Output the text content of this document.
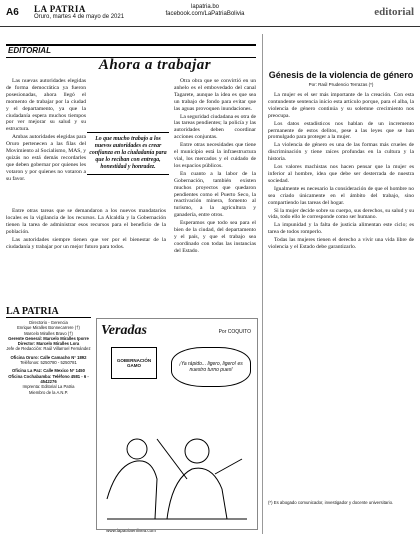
A6 LA PATRIA
Oruro, martes 4 de mayo de 2021
lapatria.bo
facebook.com/LaPatriaBolivia	editorial
EDITORIAL
Ahora a trabajar

Las nuevas autoridades elegidas de forma democrática ya fueron posesionadas, ahora llegó el momento de trabajar por la ciudad y el departamento, ya que la ciudadanía espera muchos tiempos por ver mejorar su salud y su estructura.

Ambas autoridades elegidas para Oruro pertenecen a las filas del Movimiento al Socialismo, MAS, y quizás no está demás recordarles que deben gobernar por quienes les votaron y por quienes no votaron a su favor.

Entre otras tareas que se demandaron a los nuevos mandatarios locales es la vigilancia de los recursos. La Alcaldía y la Gobernación tienen la tarea de administrar esos recursos para el beneficio de la población.

Las autoridades siempre tienen que ver por el bienestar de la ciudadanía y trabajar por un mejor futuro para todos.

Lo que mucho trabajo a los nuevos autoridades es crear confianza en la ciudadanía para que lo reciban con entrega, honestidad y honradez.

Otra obra que se convirtió en un anhelo es el embovedado del canal Tagarete, aunque la idea es que sea un trabajo de fondo para evitar que las aguas provoquen inundaciones.

La seguridad ciudadana es otra de las tareas pendientes; la policía y las autoridades deben coordinar acciones conjuntas.

Entre otras necesidades que tiene el municipio está la infraestructura vial, los mercados y el cuidado de los espacios públicos.

En cuanto a la labor de la Gobernación, también existen muchos proyectos que quedaron pendientes como el Puerto Seco, la reactivación minera, fomento al turismo, a la agricultura y ganadería, entre otros.

Esperamos que todo sea para el bien de la ciudad, del departamento y el país, y que el trabajo sea coordinado con todas las instancias del Estado.

Génesis de la violencia de género
Por: Raúl Prudencio Terrazas (*)

La mujer es el ser más importante de la creación. Con esta contundente sentencia inicio esta artículo porque, para el alba, la violencia de género continúa y su solemne crecimiento nos preocupa.

Los datos estadísticos nos hablan de un incremento permanente de estos delitos, pese a las leyes que se han promulgado para proteger a la mujer.

La violencia de género es una de las formas más crueles de discriminación y tiene raíces profundas en la cultura y la historia.

Los valores machistas nos hacen pensar que la mujer es inferior al hombre, idea que debe ser desterrada de nuestra sociedad.

Igualmente es necesario la consideración de que el hombre no sea criado únicamente en el ámbito del trabajo, sino compartiendo las tareas del hogar.

Si la mujer decide sobre su cuerpo, sus derechos, su salud y su vida, todo ello le corresponde como ser humano.

La impunidad y la falta de justicia alimentan este ciclo; es tarea de todos romperlo.

Todas las mujeres tienen el derecho a vivir una vida libre de violencia y el Estado debe garantizarlo.

(*) Es abogado comunicador, investigador y docente universitario.
LA PATRIA
Directorio - Gerencia
Enrique Miralles Bonnecarrere (†)
Marcelo Miralles Bravo (†)
Gerente General: Marcelo Miralles Iporre
Director: Marcelo Miralles Lora
Jefe de Redacción: Raúl Villarroel Fernández
Oficina Oruro: Calle Camacho N° 1892
Teléfonos: 5250780 - 5250781
Oficina La Paz: Calle Mexico N° 1450
Oficina Cochabamba: Teléfono 4581 - 6 - 4542276
Imprenta: Editorial La Patria
Miembro de la A.N.P.
www.lapatriaenlinea.com
Veradas	Por COQUITO
GOBERNACIÓN GAMO	¡Ya rápido... ligero, ligero! es nuestro turno pues!
